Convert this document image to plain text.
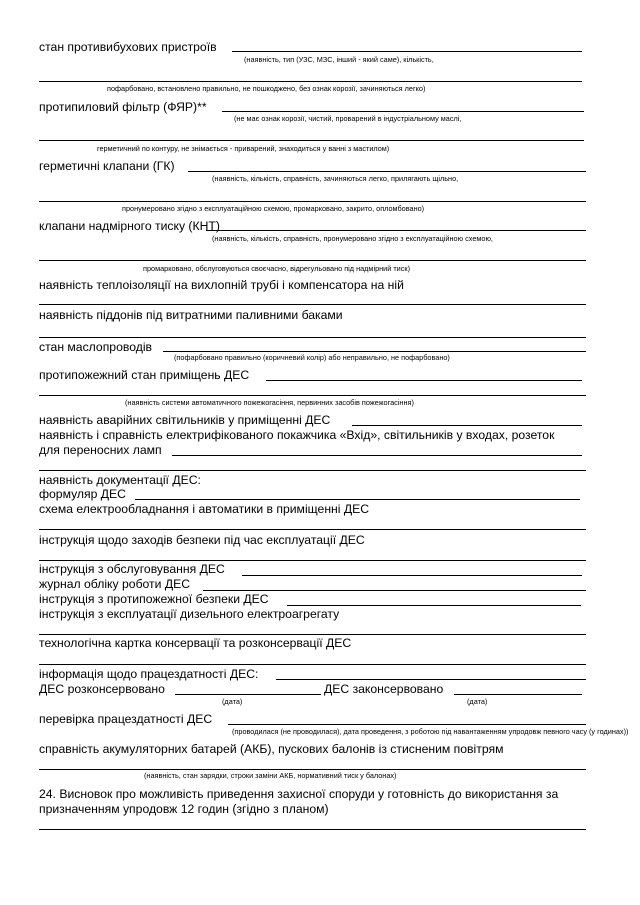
стан противибухових пристроїв
(наявність, тип (УЗС, МЗС, інший - який саме), кількість,
пофарбовано, встановлено правильно, не пошкоджено, без ознак корозії, зачиняються легко)
протипиловий фільтр (ФЯР)**
(не має ознак корозії, чистий, проварений в індустріальному маслі,
герметичний по контуру, не знімається - приварений, знаходиться у ванні з мастилом)
герметичні клапани (ГК)
(наявність, кількість, справність, зачиняються легко, прилягають щільно,
пронумеровано згідно з експлуатаційною схемою, промарковано, закрито, опломбовано)
клапани надмірного тиску (КНТ)
(наявність, кількість, справність, пронумеровано згідно з експлуатаційною схемою,
промарковано, обслуговуються своєчасно, відрегульовано під надмірний тиск)
наявність теплоізоляції на вихлопній трубі і компенсатора на ній
наявність піддонів під витратними паливними баками
стан маслопроводів
(пофарбовано правильно (коричневий колір) або неправильно, не пофарбовано)
протипожежний стан приміщень ДЕС
(наявність системи автоматичного пожежогасіння, первинних засобів пожежогасіння)
наявність аварійних світильників у приміщенні ДЕС
наявність і справність електрифікованого покажчика «Вхід», світильників у входах, розеток
для переносних ламп
наявність документації ДЕС:
формуляр ДЕС
схема електрообладнання і автоматики в приміщенні ДЕС
інструкція щодо заходів безпеки під час експлуатації ДЕС
інструкція з обслуговування ДЕС
журнал обліку роботи ДЕС
інструкція з протипожежної безпеки ДЕС
інструкція з експлуатації дизельного електроагрегату
технологічна картка консервації та розконсервації ДЕС
інформація щодо працездатності ДЕС:
ДЕС розконсервовано
(дата)
ДЕС законсервовано
(дата)
перевірка працездатності ДЕС
(проводилася (не проводилася), дата проведення, з роботою під навантаженням упродовж певного часу (у годинах))
справність акумуляторних батарей (АКБ), пускових балонів із стисненим повітрям
(наявність, стан зарядки, строки заміни АКБ, нормативний тиск у балонах)
24. Висновок про можливість приведення захисної споруди у готовність до використання за
призначенням упродовж 12 годин (згідно з планом)
